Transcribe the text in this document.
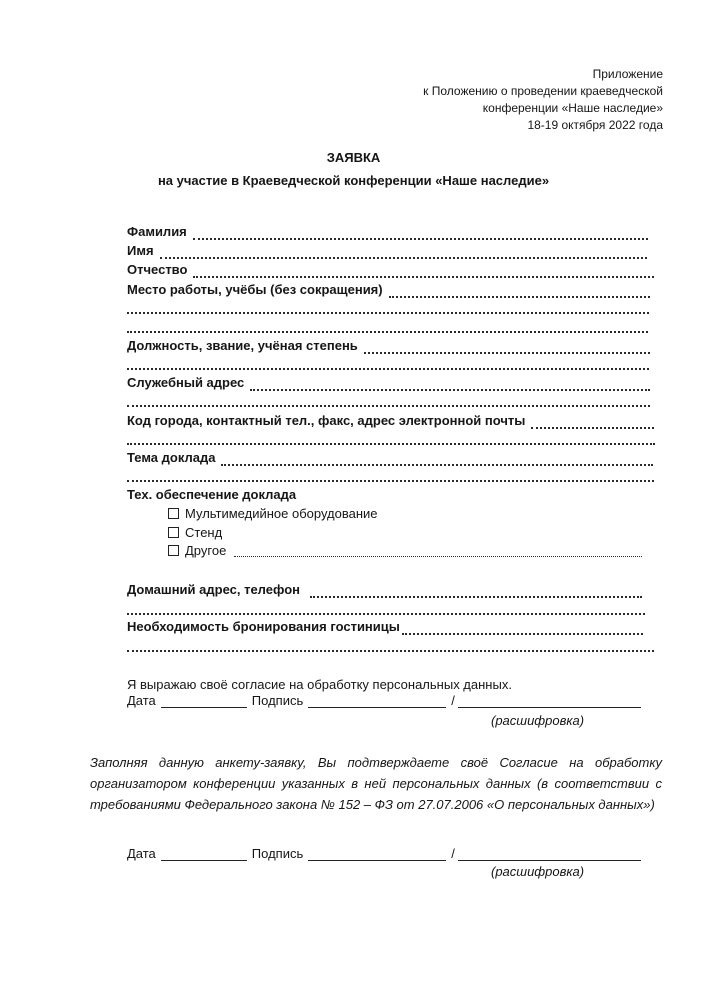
Приложение
к Положению о проведении краеведческой
конференции «Наше наследие»
18-19 октября 2022 года
ЗАЯВКА
на участие в Краеведческой конференции «Наше наследие»
Фамилия
Имя
Отчество
Место работы, учёбы (без сокращения)
Должность, звание, учёная степень
Служебный адрес
Код города, контактный тел., факс, адрес электронной почты
Тема доклада
Тех. обеспечение доклада
Мультимедийное оборудование
Стенд
Другое
Домашний адрес, телефон
Необходимость бронирования гостиницы
Я выражаю своё согласие на обработку персональных данных.
Дата	Подпись	/
(расшифровка)
Заполняя данную анкету-заявку, Вы подтверждаете своё Согласие на обработку организатором конференции указанных в ней персональных данных (в соответствии с требованиями Федерального закона № 152 – ФЗ от 27.07.2006 «О персональных данных»)
Дата	Подпись	/
(расшифровка)
